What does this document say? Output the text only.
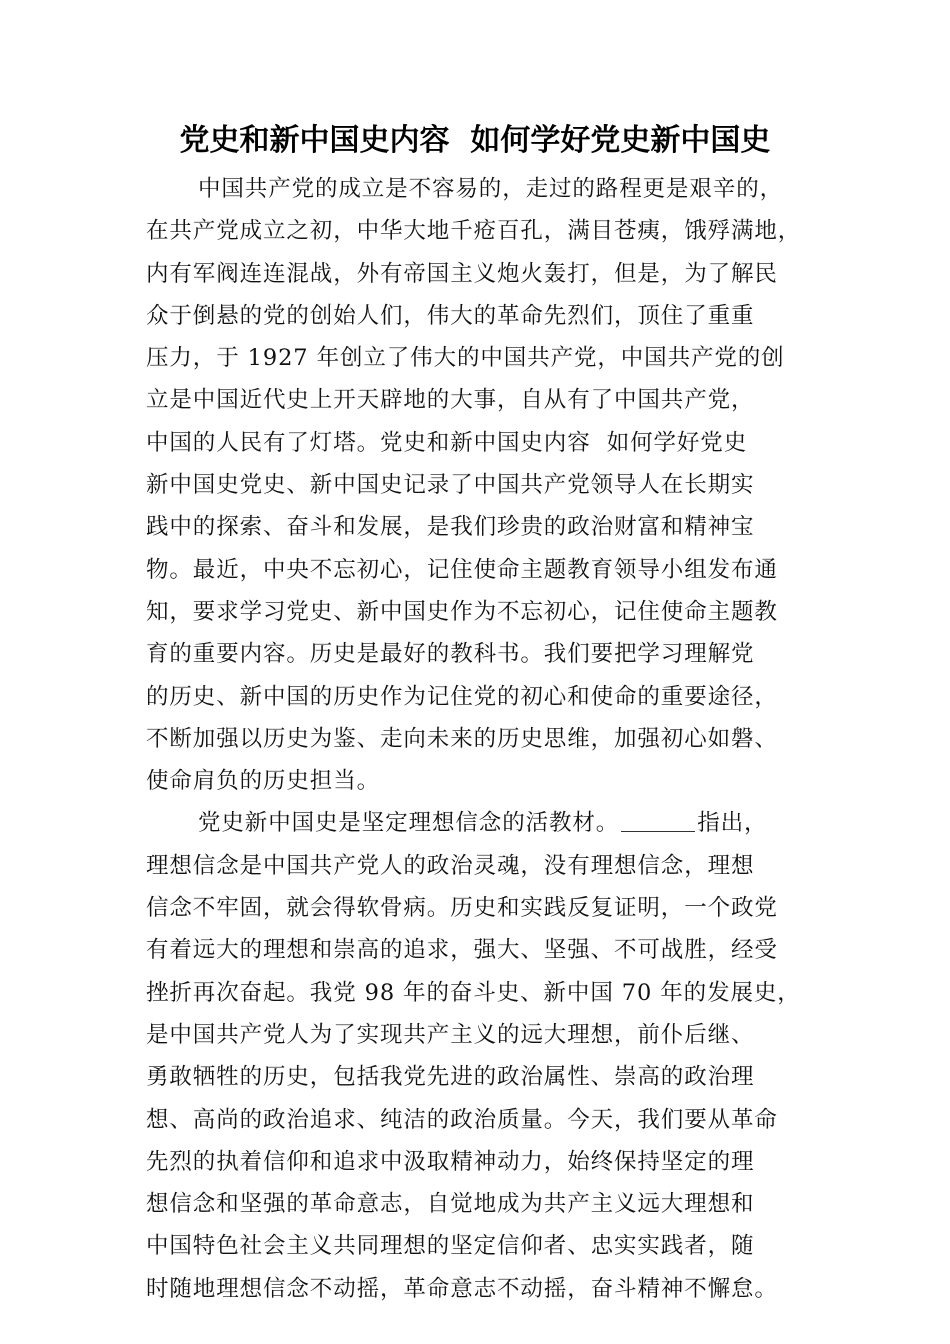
党史和新中国史内容  如何学好党史新中国史
中国共产党的成立是不容易的，走过的路程更是艰辛的，
在共产党成立之初，中华大地千疮百孔，满目苍痍，饿殍满地，
内有军阀连连混战，外有帝国主义炮火轰打，但是，为了解民
众于倒悬的党的创始人们，伟大的革命先烈们，顶住了重重
压力，于 1927 年创立了伟大的中国共产党，中国共产党的创
立是中国近代史上开天辟地的大事，自从有了中国共产党，
中国的人民有了灯塔。党史和新中国史内容  如何学好党史
新中国史党史、新中国史记录了中国共产党领导人在长期实
践中的探索、奋斗和发展，是我们珍贵的政治财富和精神宝
物。最近，中央不忘初心，记住使命主题教育领导小组发布通
知，要求学习党史、新中国史作为不忘初心，记住使命主题教
育的重要内容。历史是最好的教科书。我们要把学习理解党
的历史、新中国的历史作为记住党的初心和使命的重要途径，
不断加强以历史为鉴、走向未来的历史思维，加强初心如磐、
使命肩负的历史担当。
党史新中国史是坚定理想信念的活教材。	指出，
理想信念是中国共产党人的政治灵魂，没有理想信念，理想
信念不牢固，就会得软骨病。历史和实践反复证明，一个政党
有着远大的理想和崇高的追求，强大、坚强、不可战胜，经受
挫折再次奋起。我党 98 年的奋斗史、新中国 70 年的发展史，
是中国共产党人为了实现共产主义的远大理想，前仆后继、
勇敢牺牲的历史，包括我党先进的政治属性、崇高的政治理
想、高尚的政治追求、纯洁的政治质量。今天，我们要从革命
先烈的执着信仰和追求中汲取精神动力，始终保持坚定的理
想信念和坚强的革命意志，自觉地成为共产主义远大理想和
中国特色社会主义共同理想的坚定信仰者、忠实实践者，随
时随地理想信念不动摇，革命意志不动摇，奋斗精神不懈怠。
